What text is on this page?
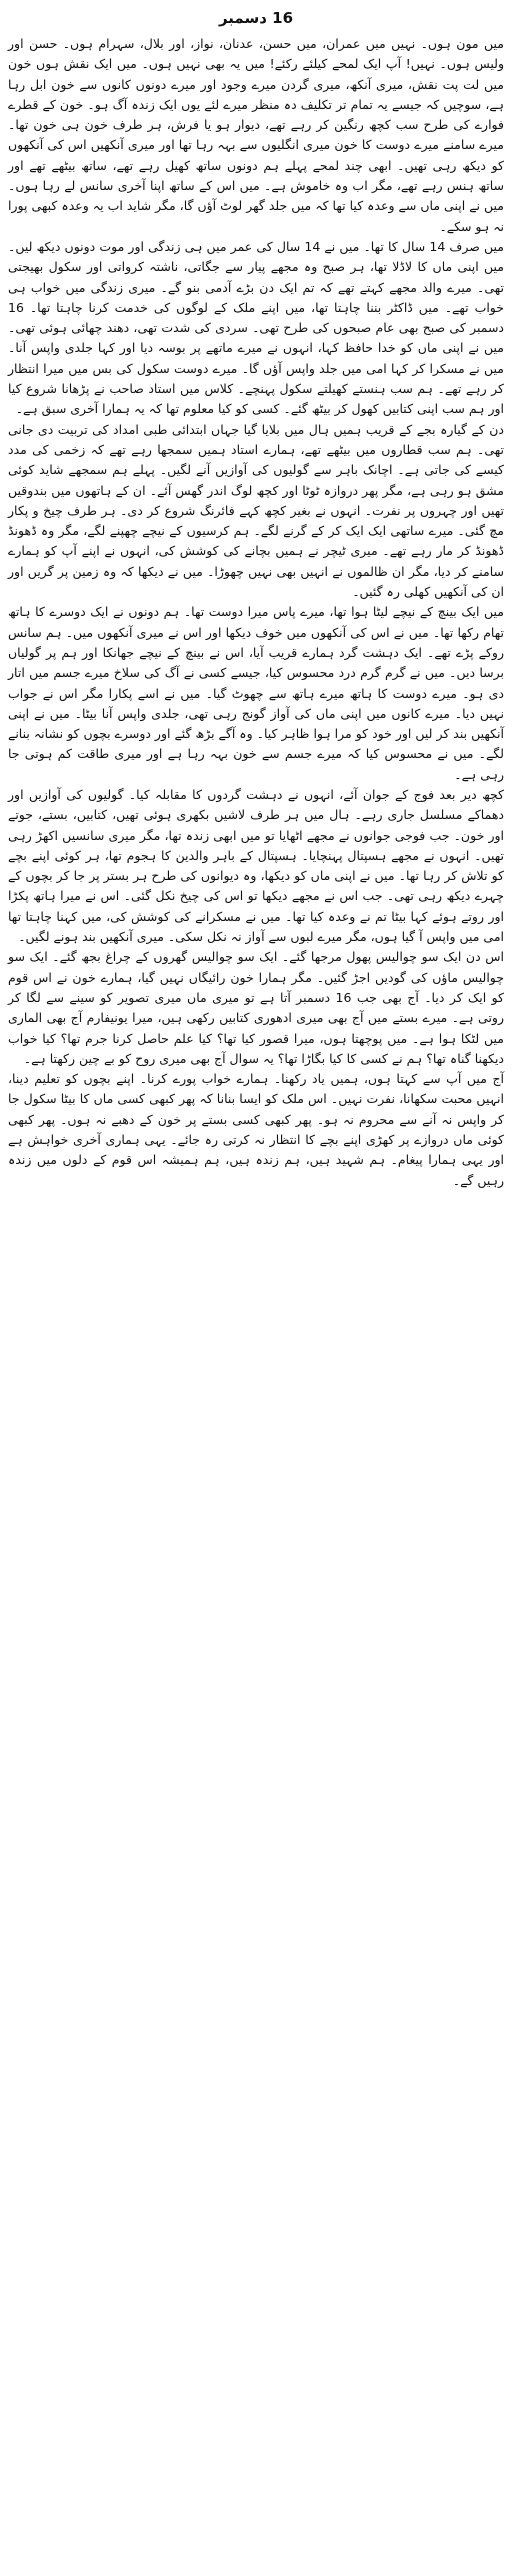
16 دسمبر

میں مون ہوں۔ نہیں میں عمران، میں حسن، عدنان، نواز، اور بلال، سہرام ہوں۔ حسن اور ولیس ہوں۔ نہیں! آپ ایک لمحے کیلئے رکئے! میں یہ بھی نہیں ہوں۔ میں ایک نقش ہوں خون میں لت پت نقش، میری آنکھ، میری گردن میرے وجود اور میرے دونوں کانوں سے خون ابل رہا ہے، سوچیں کہ جیسے یہ تمام تر تکلیف دہ منظر میرے لئے یوں ایک زندہ آگ ہو۔ خون کے قطرے فوارے کی طرح سب کچھ رنگین کر رہے تھے، دیوار ہو یا فرش، ہر طرف خون ہی خون تھا۔ میرے سامنے میرے دوست کا خون میری انگلیوں سے بہہ رہا تھا اور میری آنکھیں اس کی آنکھوں کو دیکھ رہی تھیں۔ ابھی چند لمحے پہلے ہم دونوں ساتھ کھیل رہے تھے، ساتھ بیٹھے تھے اور ساتھ ہنس رہے تھے، مگر اب وہ خاموش ہے۔ میں اس کے ساتھ اپنا آخری سانس لے رہا ہوں۔ میں نے اپنی ماں سے وعدہ کیا تھا کہ میں جلد گھر لوٹ آؤں گا، مگر شاید اب یہ وعدہ کبھی پورا نہ ہو سکے۔

میں صرف 14 سال کا تھا۔ میں نے 14 سال کی عمر میں ہی زندگی اور موت دونوں دیکھ لیں۔ میں اپنی ماں کا لاڈلا تھا، ہر صبح وہ مجھے پیار سے جگاتی، ناشتہ کرواتی اور سکول بھیجتی تھی۔ میرے والد مجھے کہتے تھے کہ تم ایک دن بڑے آدمی بنو گے۔ میری زندگی میں خواب ہی خواب تھے۔ میں ڈاکٹر بننا چاہتا تھا، میں اپنے ملک کے لوگوں کی خدمت کرنا چاہتا تھا۔ 16 دسمبر کی صبح بھی عام صبحوں کی طرح تھی۔ سردی کی شدت تھی، دھند چھائی ہوئی تھی۔ میں نے اپنی ماں کو خدا حافظ کہا، انہوں نے میرے ماتھے پر بوسہ دیا اور کہا جلدی واپس آنا۔ میں نے مسکرا کر کہا امی میں جلد واپس آؤں گا۔ میرے دوست سکول کی بس میں میرا انتظار کر رہے تھے۔ ہم سب ہنستے کھیلتے سکول پہنچے۔ کلاس میں استاد صاحب نے پڑھانا شروع کیا اور ہم سب اپنی کتابیں کھول کر بیٹھ گئے۔ کسی کو کیا معلوم تھا کہ یہ ہمارا آخری سبق ہے۔

دن کے گیارہ بجے کے قریب ہمیں ہال میں بلایا گیا جہاں ابتدائی طبی امداد کی تربیت دی جانی تھی۔ ہم سب قطاروں میں بیٹھے تھے، ہمارے استاد ہمیں سمجھا رہے تھے کہ زخمی کی مدد کیسے کی جاتی ہے۔ اچانک باہر سے گولیوں کی آوازیں آنے لگیں۔ پہلے ہم سمجھے شاید کوئی مشق ہو رہی ہے، مگر پھر دروازہ ٹوٹا اور کچھ لوگ اندر گھس آئے۔ ان کے ہاتھوں میں بندوقیں تھیں اور چہروں پر نفرت۔ انہوں نے بغیر کچھ کہے فائرنگ شروع کر دی۔ ہر طرف چیخ و پکار مچ گئی۔ میرے ساتھی ایک ایک کر کے گرنے لگے۔ ہم کرسیوں کے نیچے چھپنے لگے، مگر وہ ڈھونڈ ڈھونڈ کر مار رہے تھے۔ میری ٹیچر نے ہمیں بچانے کی کوشش کی، انہوں نے اپنے آپ کو ہمارے سامنے کر دیا، مگر ان ظالموں نے انہیں بھی نہیں چھوڑا۔ میں نے دیکھا کہ وہ زمین پر گریں اور ان کی آنکھیں کھلی رہ گئیں۔

میں ایک بینچ کے نیچے لیٹا ہوا تھا، میرے پاس میرا دوست تھا۔ ہم دونوں نے ایک دوسرے کا ہاتھ تھام رکھا تھا۔ میں نے اس کی آنکھوں میں خوف دیکھا اور اس نے میری آنکھوں میں۔ ہم سانس روکے پڑے تھے۔ ایک دہشت گرد ہمارے قریب آیا، اس نے بینچ کے نیچے جھانکا اور ہم پر گولیاں برسا دیں۔ میں نے گرم گرم درد محسوس کیا، جیسے کسی نے آگ کی سلاخ میرے جسم میں اتار دی ہو۔ میرے دوست کا ہاتھ میرے ہاتھ سے چھوٹ گیا۔ میں نے اسے پکارا مگر اس نے جواب نہیں دیا۔ میرے کانوں میں اپنی ماں کی آواز گونج رہی تھی، جلدی واپس آنا بیٹا۔ میں نے اپنی آنکھیں بند کر لیں اور خود کو مرا ہوا ظاہر کیا۔ وہ آگے بڑھ گئے اور دوسرے بچوں کو نشانہ بنانے لگے۔ میں نے محسوس کیا کہ میرے جسم سے خون بہہ رہا ہے اور میری طاقت کم ہوتی جا رہی ہے۔

کچھ دیر بعد فوج کے جوان آئے، انہوں نے دہشت گردوں کا مقابلہ کیا۔ گولیوں کی آوازیں اور دھماکے مسلسل جاری رہے۔ ہال میں ہر طرف لاشیں بکھری ہوئی تھیں، کتابیں، بستے، جوتے اور خون۔ جب فوجی جوانوں نے مجھے اٹھایا تو میں ابھی زندہ تھا، مگر میری سانسیں اکھڑ رہی تھیں۔ انہوں نے مجھے ہسپتال پہنچایا۔ ہسپتال کے باہر والدین کا ہجوم تھا، ہر کوئی اپنے بچے کو تلاش کر رہا تھا۔ میں نے اپنی ماں کو دیکھا، وہ دیوانوں کی طرح ہر بستر پر جا کر بچوں کے چہرے دیکھ رہی تھی۔ جب اس نے مجھے دیکھا تو اس کی چیخ نکل گئی۔ اس نے میرا ہاتھ پکڑا اور روتے ہوئے کہا بیٹا تم نے وعدہ کیا تھا۔ میں نے مسکرانے کی کوشش کی، میں کہنا چاہتا تھا امی میں واپس آ گیا ہوں، مگر میرے لبوں سے آواز نہ نکل سکی۔ میری آنکھیں بند ہونے لگیں۔

اس دن ایک سو چوالیس پھول مرجھا گئے۔ ایک سو چوالیس گھروں کے چراغ بجھ گئے۔ ایک سو چوالیس ماؤں کی گودیں اجڑ گئیں۔ مگر ہمارا خون رائیگاں نہیں گیا، ہمارے خون نے اس قوم کو ایک کر دیا۔ آج بھی جب 16 دسمبر آتا ہے تو میری ماں میری تصویر کو سینے سے لگا کر روتی ہے۔ میرے بستے میں آج بھی میری ادھوری کتابیں رکھی ہیں، میرا یونیفارم آج بھی الماری میں لٹکا ہوا ہے۔ میں پوچھتا ہوں، میرا قصور کیا تھا؟ کیا علم حاصل کرنا جرم تھا؟ کیا خواب دیکھنا گناہ تھا؟ ہم نے کسی کا کیا بگاڑا تھا؟ یہ سوال آج بھی میری روح کو بے چین رکھتا ہے۔

آج میں آپ سے کہتا ہوں، ہمیں یاد رکھنا۔ ہمارے خواب پورے کرنا۔ اپنے بچوں کو تعلیم دینا، انہیں محبت سکھانا، نفرت نہیں۔ اس ملک کو ایسا بنانا کہ پھر کبھی کسی ماں کا بیٹا سکول جا کر واپس نہ آنے سے محروم نہ ہو۔ پھر کبھی کسی بستے پر خون کے دھبے نہ ہوں۔ پھر کبھی کوئی ماں دروازے پر کھڑی اپنے بچے کا انتظار نہ کرتی رہ جائے۔ یہی ہماری آخری خواہش ہے اور یہی ہمارا پیغام۔ ہم شہید ہیں، ہم زندہ ہیں، ہم ہمیشہ اس قوم کے دلوں میں زندہ رہیں گے۔
